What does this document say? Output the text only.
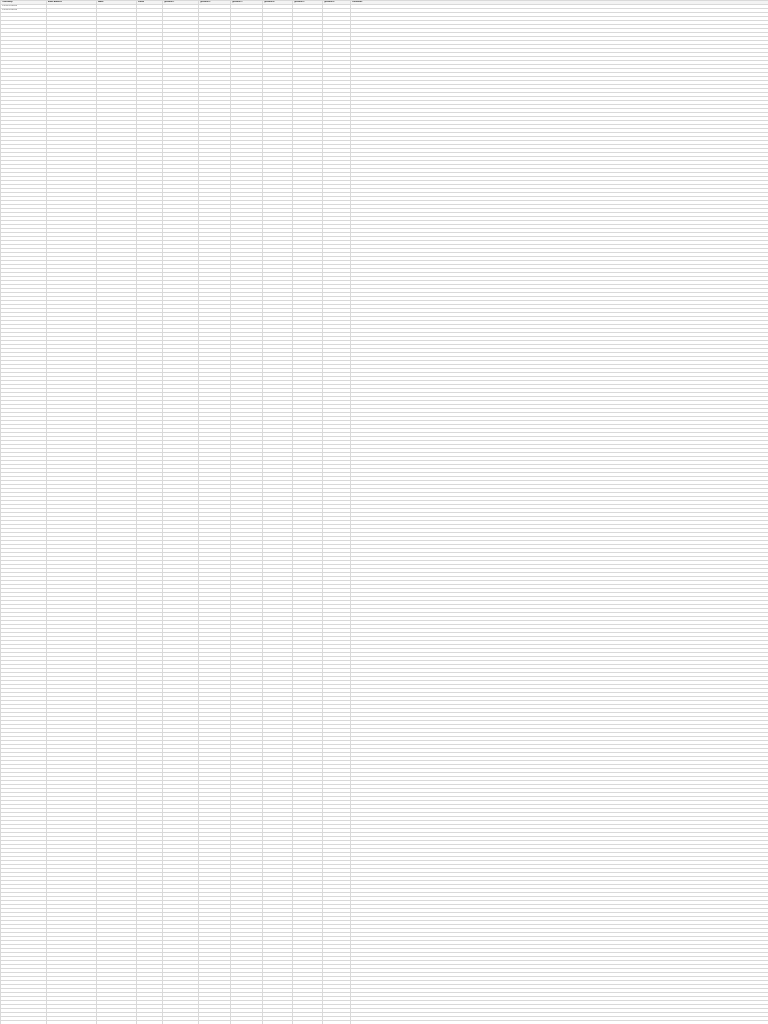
Timestamp	Email Address	Name	Phone	Question 1	Question 2	Question 3	Question 4	Question 5	Question 6	Comments
1/1/2023 8:00:00										
1/1/2023 8:05:00										
